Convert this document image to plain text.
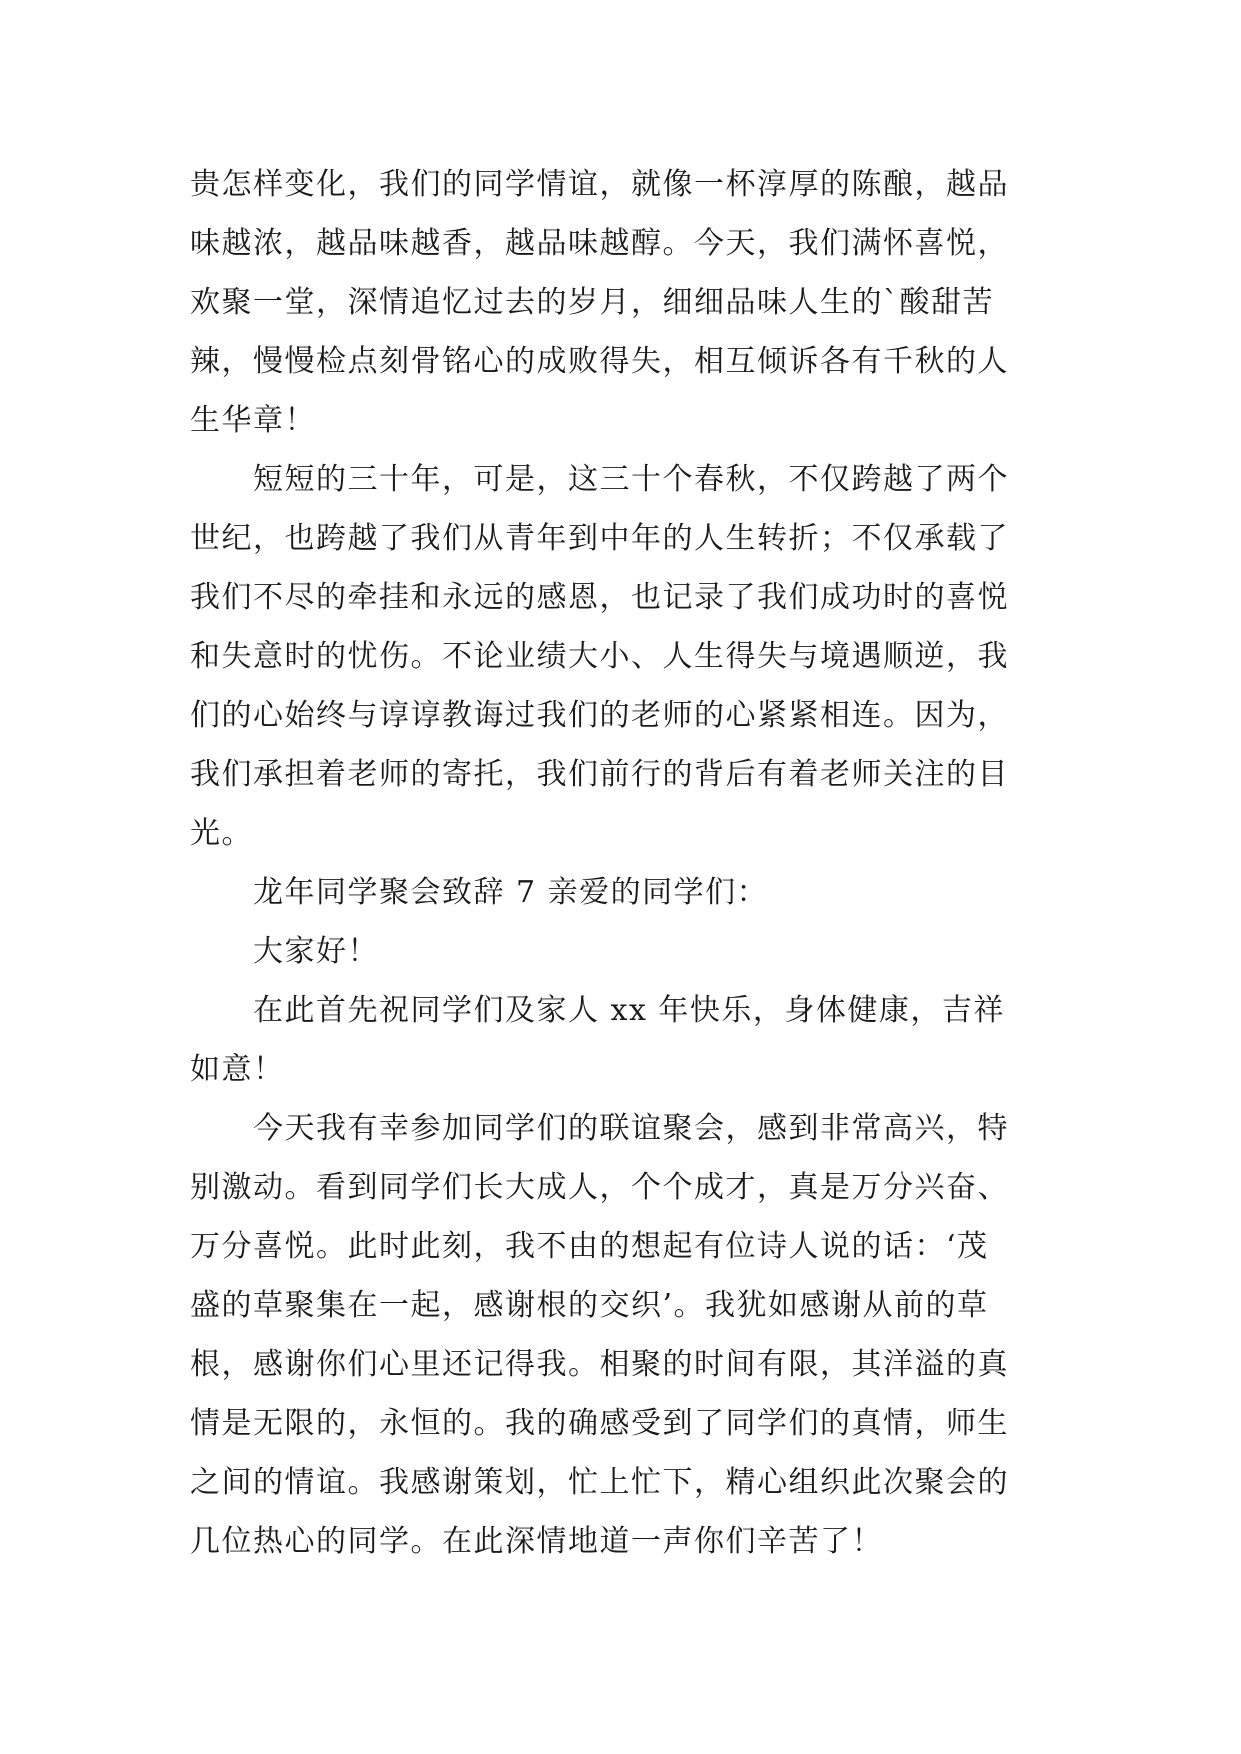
贵怎样变化，我们的同学情谊，就像一杯淳厚的陈酿，越品
味越浓，越品味越香，越品味越醇。今天，我们满怀喜悦，
欢聚一堂，深情追忆过去的岁月，细细品味人生的`酸甜苦
辣，慢慢检点刻骨铭心的成败得失，相互倾诉各有千秋的人
生华章！
　　短短的三十年，可是，这三十个春秋，不仅跨越了两个
世纪，也跨越了我们从青年到中年的人生转折；不仅承载了
我们不尽的牵挂和永远的感恩，也记录了我们成功时的喜悦
和失意时的忧伤。不论业绩大小、人生得失与境遇顺逆，我
们的心始终与谆谆教诲过我们的老师的心紧紧相连。因为，
我们承担着老师的寄托，我们前行的背后有着老师关注的目
光。
　　龙年同学聚会致辞 7 亲爱的同学们：
　　大家好！
　　在此首先祝同学们及家人 xx 年快乐，身体健康，吉祥
如意！
　　今天我有幸参加同学们的联谊聚会，感到非常高兴，特
别激动。看到同学们长大成人，个个成才，真是万分兴奋、
万分喜悦。此时此刻，我不由的想起有位诗人说的话：‘茂
盛的草聚集在一起，感谢根的交织’。我犹如感谢从前的草
根，感谢你们心里还记得我。相聚的时间有限，其洋溢的真
情是无限的，永恒的。我的确感受到了同学们的真情，师生
之间的情谊。我感谢策划，忙上忙下，精心组织此次聚会的
几位热心的同学。在此深情地道一声你们辛苦了！
